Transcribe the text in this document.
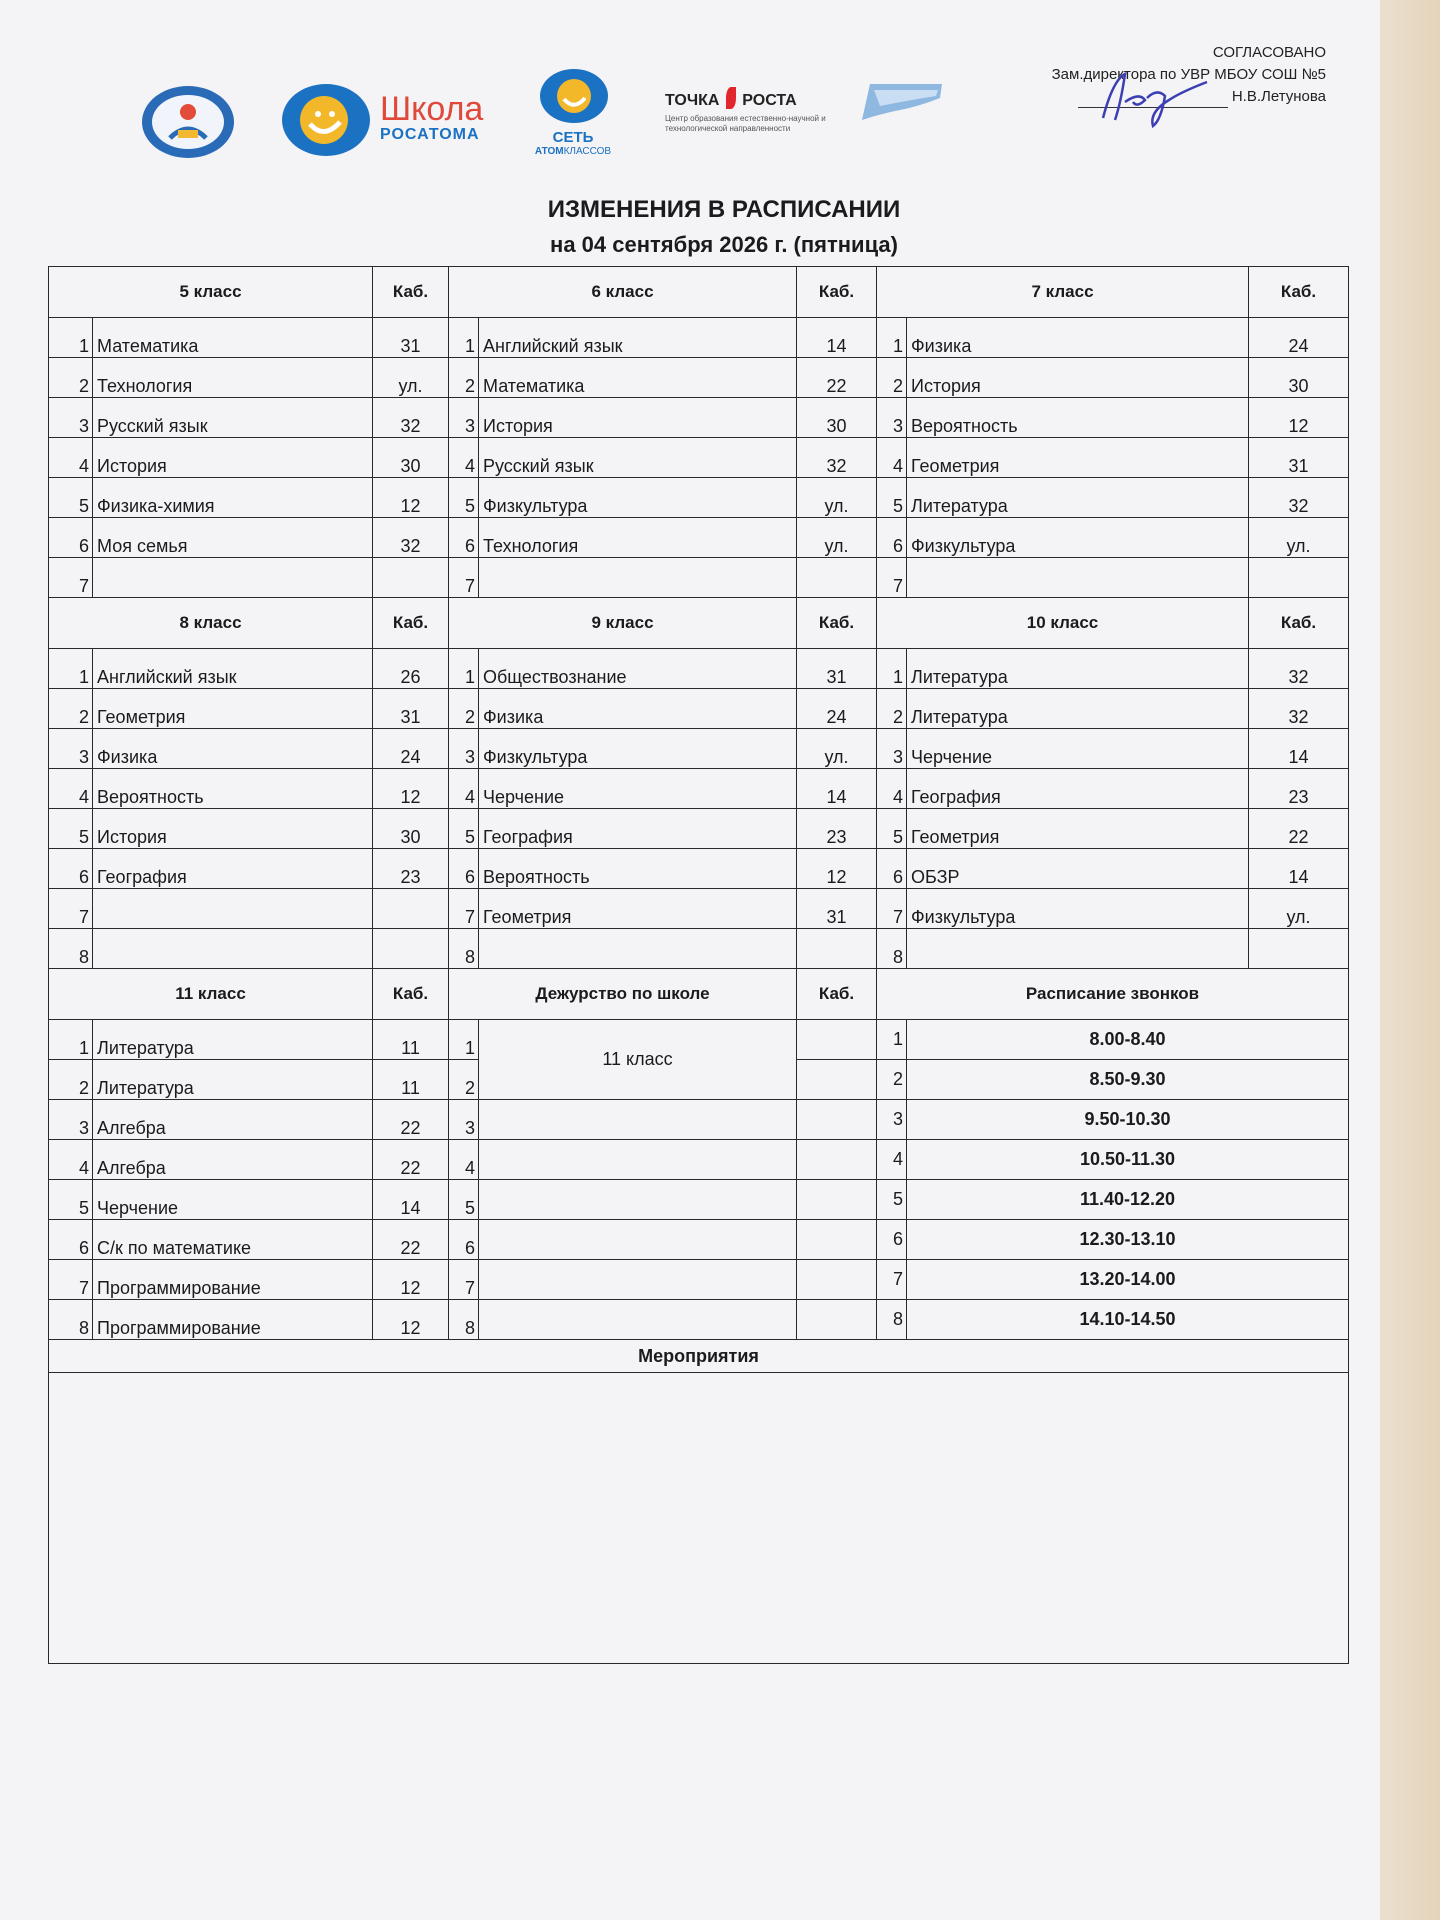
Школа
РОСАТОМА	СЕТЬ
АТОМКЛАССОВ
ТОЧКА РОСТА
Центр образования естественно-научной и технологической направленности
СОГЛАСОВАНО
Зам.директора по УВР МБОУ СОШ №5
Н.В.Летунова
ИЗМЕНЕНИЯ В РАСПИСАНИИ
на 04 сентября 2026 г. (пятница)
5 класс		Каб.	6 класс		Каб.	7 класс		Каб.
1	Математика	31	1	Английский язык	14	1	Физика	24
2	Технология	ул.	2	Математика	22	2	История	30
3	Русский язык	32	3	История	30	3	Вероятность	12
4	История	30	4	Русский язык	32	4	Геометрия	31
5	Физика-химия	12	5	Физкультура	ул.	5	Литература	32
6	Моя семья	32	6	Технология	ул.	6	Физкультура	ул.
7			7			7		
8 класс		Каб.	9 класс		Каб.	10 класс		Каб.
1	Английский язык	26	1	Обществознание	31	1	Литература	32
2	Геометрия	31	2	Физика	24	2	Литература	32
3	Физика	24	3	Физкультура	ул.	3	Черчение	14
4	Вероятность	12	4	Черчение	14	4	География	23
5	История	30	5	География	23	5	Геометрия	22
6	География	23	6	Вероятность	12	6	ОБЗР	14
7			7	Геометрия	31	7	Физкультура	ул.
8			8			8		
11 класс		Каб.	Дежурство по школе		Каб.	Расписание звонков		
1	Литература	11	1	11 класс		1	8.00-8.40	
2	Литература	11	2			2	8.50-9.30	
3	Алгебра	22	3			3	9.50-10.30	
4	Алгебра	22	4			4	10.50-11.30	
5	Черчение	14	5			5	11.40-12.20	
6	С/к по математике	22	6			6	12.30-13.10	
7	Программирование	12	7			7	13.20-14.00	
8	Программирование	12	8			8	14.10-14.50	
Мероприятия								
